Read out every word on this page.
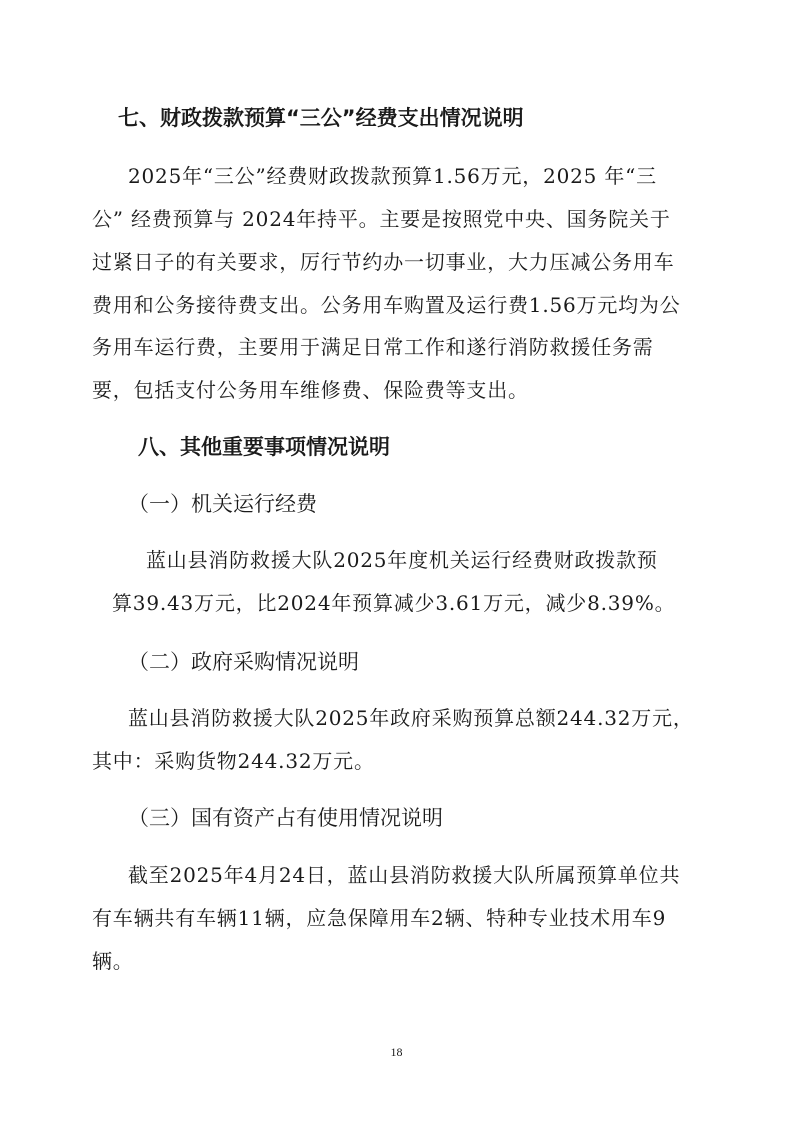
七、财政拨款预算“三公”经费支出情况说明
2025年“三公”经费财政拨款预算1.56万元，2025 年“三
公” 经费预算与 2024年持平。主要是按照党中央、国务院关于
过紧日子的有关要求，厉行节约办一切事业，大力压减公务用车
费用和公务接待费支出。公务用车购置及运行费1.56万元均为公
务用车运行费，主要用于满足日常工作和遂行消防救援任务需
要，包括支付公务用车维修费、保险费等支出。
八、其他重要事项情况说明
（一）机关运行经费
蓝山县消防救援大队2025年度机关运行经费财政拨款预
算39.43万元，比2024年预算减少3.61万元，减少8.39%。
（二）政府采购情况说明
蓝山县消防救援大队2025年政府采购预算总额244.32万元，
其中：采购货物244.32万元。
（三）国有资产占有使用情况说明
截至2025年4月24日，蓝山县消防救援大队所属预算单位共
有车辆共有车辆11辆，应急保障用车2辆、特种专业技术用车9
辆。
18
